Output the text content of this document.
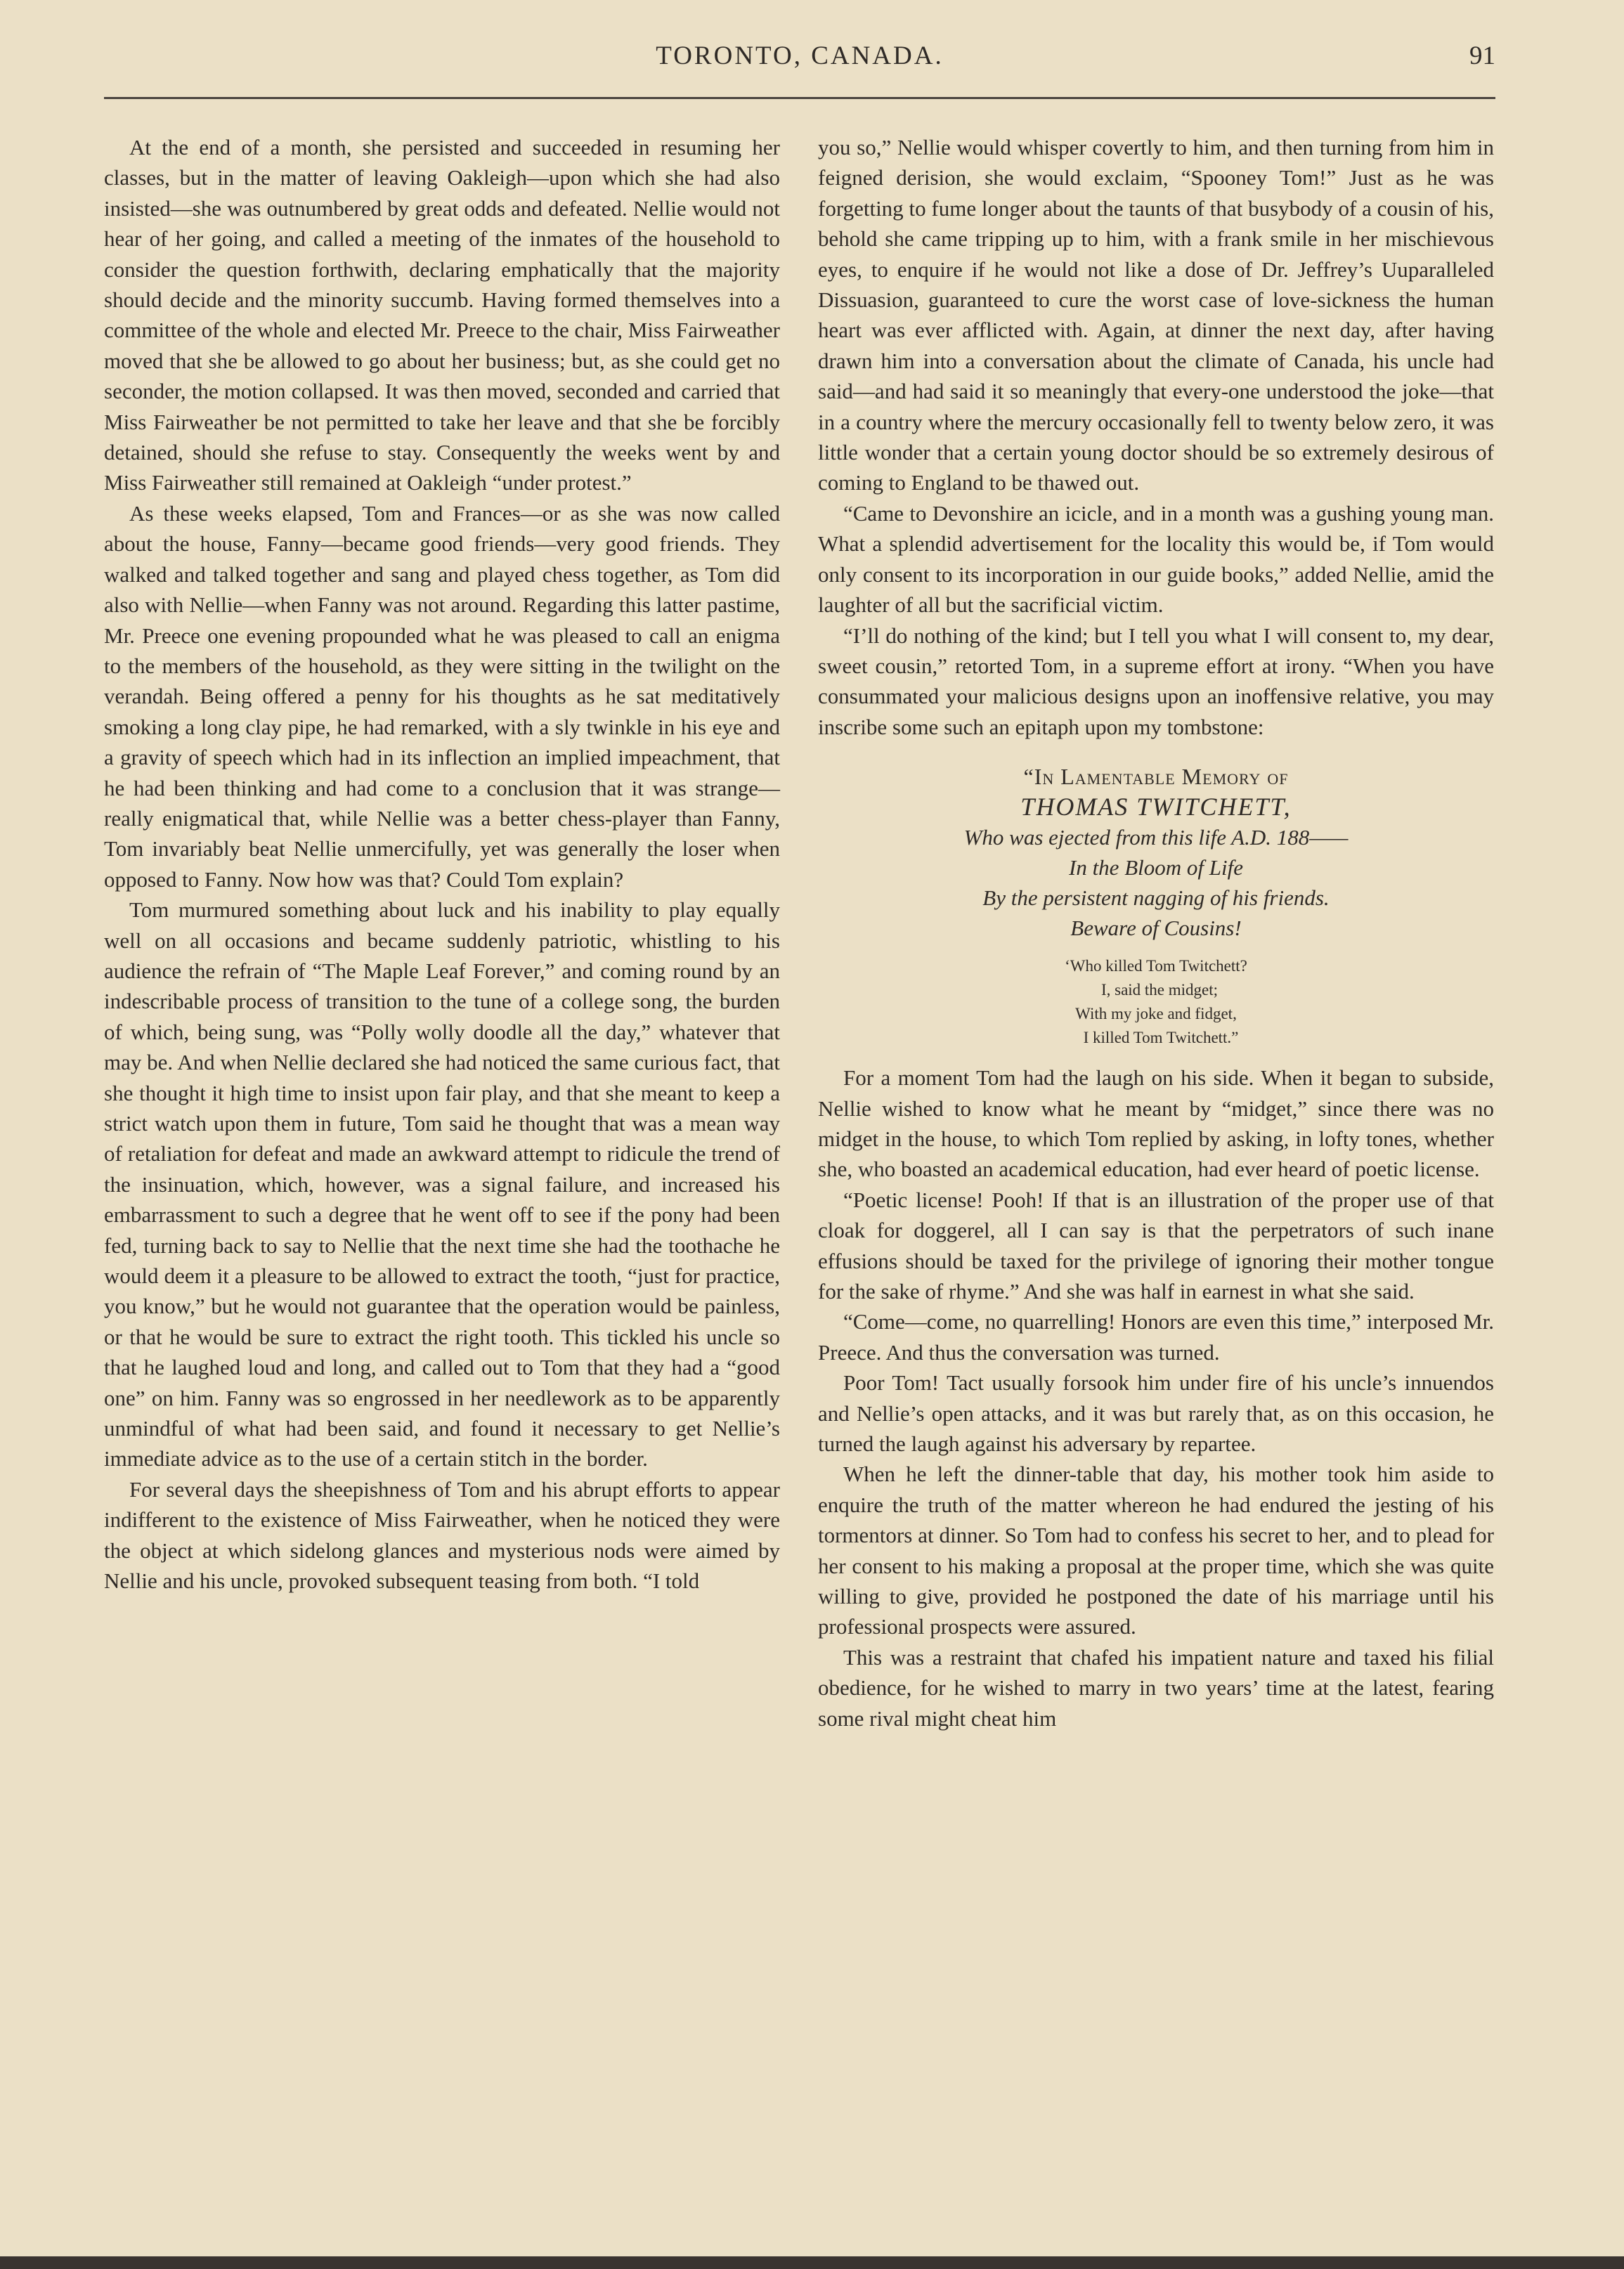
TORONTO, CANADA.	91

At the end of a month, she persisted and succeeded in resuming her classes, but in the matter of leaving Oakleigh—upon which she had also insisted—she was outnumbered by great odds and defeated. Nellie would not hear of her going, and called a meeting of the inmates of the household to consider the question forthwith, declaring emphatically that the majority should decide and the minority succumb. Having formed themselves into a committee of the whole and elected Mr. Preece to the chair, Miss Fairweather moved that she be allowed to go about her business; but, as she could get no seconder, the motion collapsed. It was then moved, seconded and carried that Miss Fairweather be not permitted to take her leave and that she be forcibly detained, should she refuse to stay. Consequently the weeks went by and Miss Fairweather still remained at Oakleigh “under protest.”

As these weeks elapsed, Tom and Frances—or as she was now called about the house, Fanny—became good friends—very good friends. They walked and talked together and sang and played chess together, as Tom did also with Nellie—when Fanny was not around. Regarding this latter pastime, Mr. Preece one evening propounded what he was pleased to call an enigma to the members of the household, as they were sitting in the twilight on the verandah. Being offered a penny for his thoughts as he sat meditatively smoking a long clay pipe, he had remarked, with a sly twinkle in his eye and a gravity of speech which had in its inflection an implied impeachment, that he had been thinking and had come to a conclusion that it was strange—really enigmatical that, while Nellie was a better chess-player than Fanny, Tom invariably beat Nellie unmercifully, yet was generally the loser when opposed to Fanny. Now how was that? Could Tom explain?

Tom murmured something about luck and his inability to play equally well on all occasions and became suddenly patriotic, whistling to his audience the refrain of “The Maple Leaf Forever,” and coming round by an indescribable process of transition to the tune of a college song, the burden of which, being sung, was “Polly wolly doodle all the day,” whatever that may be. And when Nellie declared she had noticed the same curious fact, that she thought it high time to insist upon fair play, and that she meant to keep a strict watch upon them in future, Tom said he thought that was a mean way of retaliation for defeat and made an awkward attempt to ridicule the trend of the insinuation, which, however, was a signal failure, and increased his embarrassment to such a degree that he went off to see if the pony had been fed, turning back to say to Nellie that the next time she had the toothache he would deem it a pleasure to be allowed to extract the tooth, “just for practice, you know,” but he would not guarantee that the operation would be painless, or that he would be sure to extract the right tooth. This tickled his uncle so that he laughed loud and long, and called out to Tom that they had a “good one” on him. Fanny was so engrossed in her needlework as to be apparently unmindful of what had been said, and found it necessary to get Nellie’s immediate advice as to the use of a certain stitch in the border.

For several days the sheepishness of Tom and his abrupt efforts to appear indifferent to the existence of Miss Fairweather, when he noticed they were the object at which sidelong glances and mysterious nods were aimed by Nellie and his uncle, provoked subsequent teasing from both. “I told

you so,” Nellie would whisper covertly to him, and then turning from him in feigned derision, she would exclaim, “Spooney Tom!” Just as he was forgetting to fume longer about the taunts of that busybody of a cousin of his, behold she came tripping up to him, with a frank smile in her mischievous eyes, to enquire if he would not like a dose of Dr. Jeffrey’s Uuparalleled Dissuasion, guaranteed to cure the worst case of love-sickness the human heart was ever afflicted with. Again, at dinner the next day, after having drawn him into a conversation about the climate of Canada, his uncle had said—and had said it so meaningly that every-one understood the joke—that in a country where the mercury occasionally fell to twenty below zero, it was little wonder that a certain young doctor should be so extremely desirous of coming to England to be thawed out.

“Came to Devonshire an icicle, and in a month was a gushing young man. What a splendid advertisement for the locality this would be, if Tom would only consent to its incorporation in our guide books,” added Nellie, amid the laughter of all but the sacrificial victim.

“I’ll do nothing of the kind; but I tell you what I will consent to, my dear, sweet cousin,” retorted Tom, in a supreme effort at irony. “When you have consummated your malicious designs upon an inoffensive relative, you may inscribe some such an epitaph upon my tombstone:

“In Lamentable Memory of
THOMAS TWITCHETT,
Who was ejected from this life A.D. 188——
In the Bloom of Life
By the persistent nagging of his friends.
Beware of Cousins!
‘Who killed Tom Twitchett?
I, said the midget;
With my joke and fidget,
I killed Tom Twitchett.”

For a moment Tom had the laugh on his side. When it began to subside, Nellie wished to know what he meant by “midget,” since there was no midget in the house, to which Tom replied by asking, in lofty tones, whether she, who boasted an academical education, had ever heard of poetic license.

“Poetic license! Pooh! If that is an illustration of the proper use of that cloak for doggerel, all I can say is that the perpetrators of such inane effusions should be taxed for the privilege of ignoring their mother tongue for the sake of rhyme.” And she was half in earnest in what she said.

“Come—come, no quarrelling! Honors are even this time,” interposed Mr. Preece. And thus the conversation was turned.

Poor Tom! Tact usually forsook him under fire of his uncle’s innuendos and Nellie’s open attacks, and it was but rarely that, as on this occasion, he turned the laugh against his adversary by repartee.

When he left the dinner-table that day, his mother took him aside to enquire the truth of the matter whereon he had endured the jesting of his tormentors at dinner. So Tom had to confess his secret to her, and to plead for her consent to his making a proposal at the proper time, which she was quite willing to give, provided he postponed the date of his marriage until his professional prospects were assured.

This was a restraint that chafed his impatient nature and taxed his filial obedience, for he wished to marry in two years’ time at the latest, fearing some rival might cheat him
